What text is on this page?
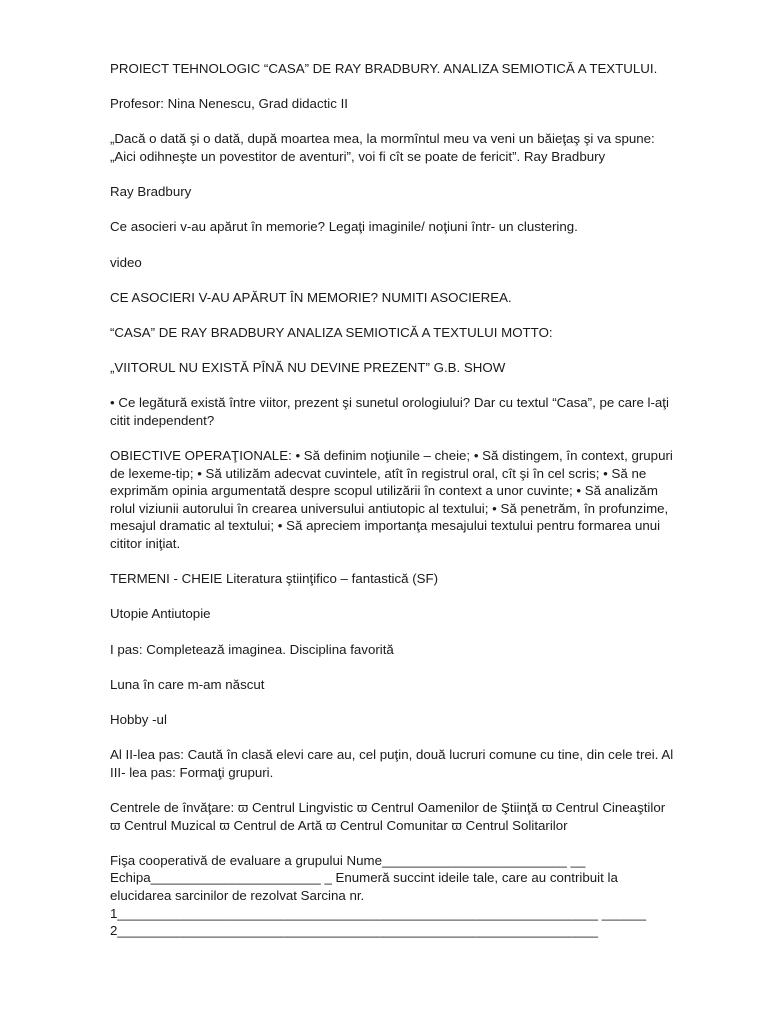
PROIECT TEHNOLOGIC “CASA” DE RAY BRADBURY. ANALIZA SEMIOTICĂ A TEXTULUI.

Profesor: Nina Nenescu, Grad didactic II

„Dacă o dată şi o dată, după moartea mea, la mormîntul meu va veni un băieţaş şi va spune:
„Aici odihneşte un povestitor de aventuri”, voi fi cît se poate de fericit”. Ray Bradbury

Ray Bradbury

Ce asocieri v-au apărut în memorie? Legaţi imaginile/ noţiuni într- un clustering.

video

CE ASOCIERI V-AU APĂRUT ÎN MEMORIE? NUMITI ASOCIEREA.

“CASA” DE RAY BRADBURY ANALIZA SEMIOTICĂ A TEXTULUI MOTTO:

„VIITORUL NU EXISTĂ PÎNĂ NU DEVINE PREZENT” G.B. SHOW

• Ce legătură există între viitor, prezent şi sunetul orologiului? Dar cu textul “Casa”, pe care l-aţi
citit independent?

OBIECTIVE OPERAŢIONALE: • Să definim noţiunile – cheie; • Să distingem, în context, grupuri
de lexeme-tip; • Să utilizăm adecvat cuvintele, atît în registrul oral, cît şi în cel scris; • Să ne
exprimăm opinia argumentată despre scopul utilizării în context a unor cuvinte; • Să analizăm
rolul viziunii autorului în crearea universului antiutopic al textului; • Să penetrăm, în profunzime,
mesajul dramatic al textului; • Să apreciem importanţa mesajului textului pentru formarea unui
cititor iniţiat.

TERMENI - CHEIE Literatura ştiinţifico – fantastică (SF)

Utopie Antiutopie

I pas: Completează imaginea. Disciplina favorită

Luna în care m-am născut

Hobby -ul

Al II-lea pas: Caută în clasă elevi care au, cel puţin, două lucruri comune cu tine, din cele trei. Al
III- lea pas: Formaţi grupuri.

Centrele de învăţare: ϖ Centrul Lingvistic ϖ Centrul Oamenilor de Ştiinţă ϖ Centrul Cineaştilor
ϖ Centrul Muzical ϖ Centrul de Artă ϖ Centrul Comunitar ϖ Centrul Solitarilor

Fişa cooperativă de evaluare a grupului Nume_________________________ __
Echipa_______________________ _ Enumeră succint ideile tale, care au contribuit la
elucidarea sarcinilor de rezolvat Sarcina nr.
1_________________________________________________________________ ______
2_________________________________________________________________
